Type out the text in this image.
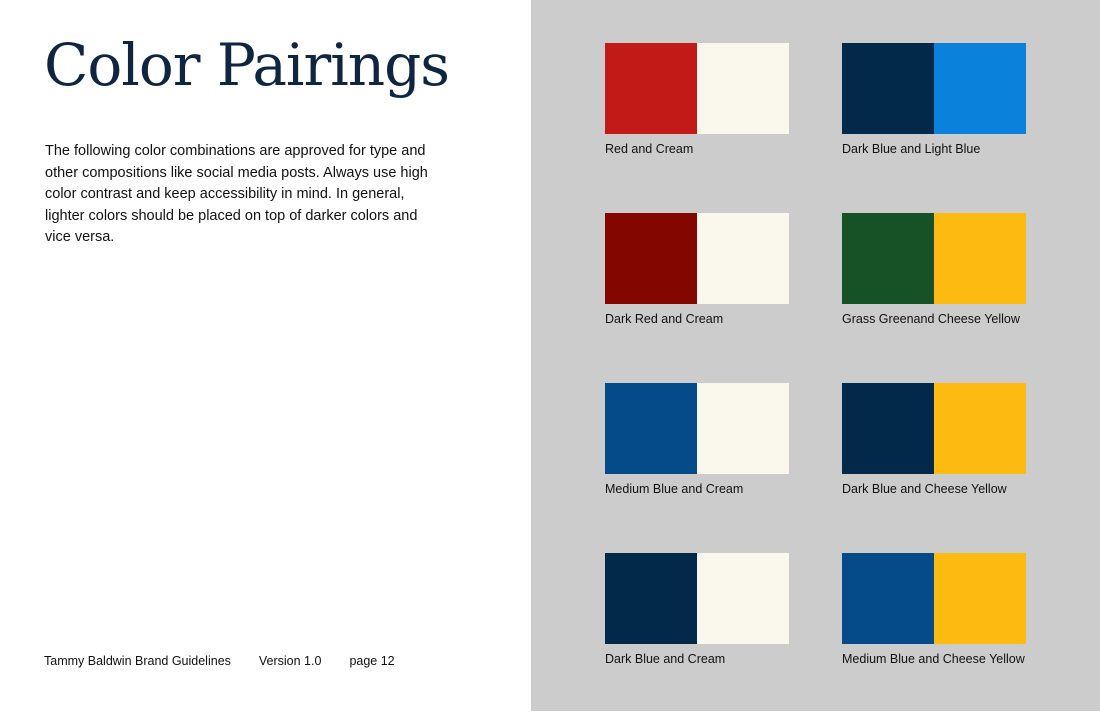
Color Pairings

The following color combinations are approved for type and other compositions like social media posts. Always use high color contrast and keep accessibility in mind. In general, lighter colors should be placed on top of darker colors and vice versa.

Tammy Baldwin Brand Guidelines Version 1.0 page 12
Red and Cream	Dark Blue and Light Blue
Dark Red and Cream	Grass Greenand Cheese Yellow
Medium Blue and Cream	Dark Blue and Cheese Yellow
Dark Blue and Cream	Medium Blue and Cheese Yellow
